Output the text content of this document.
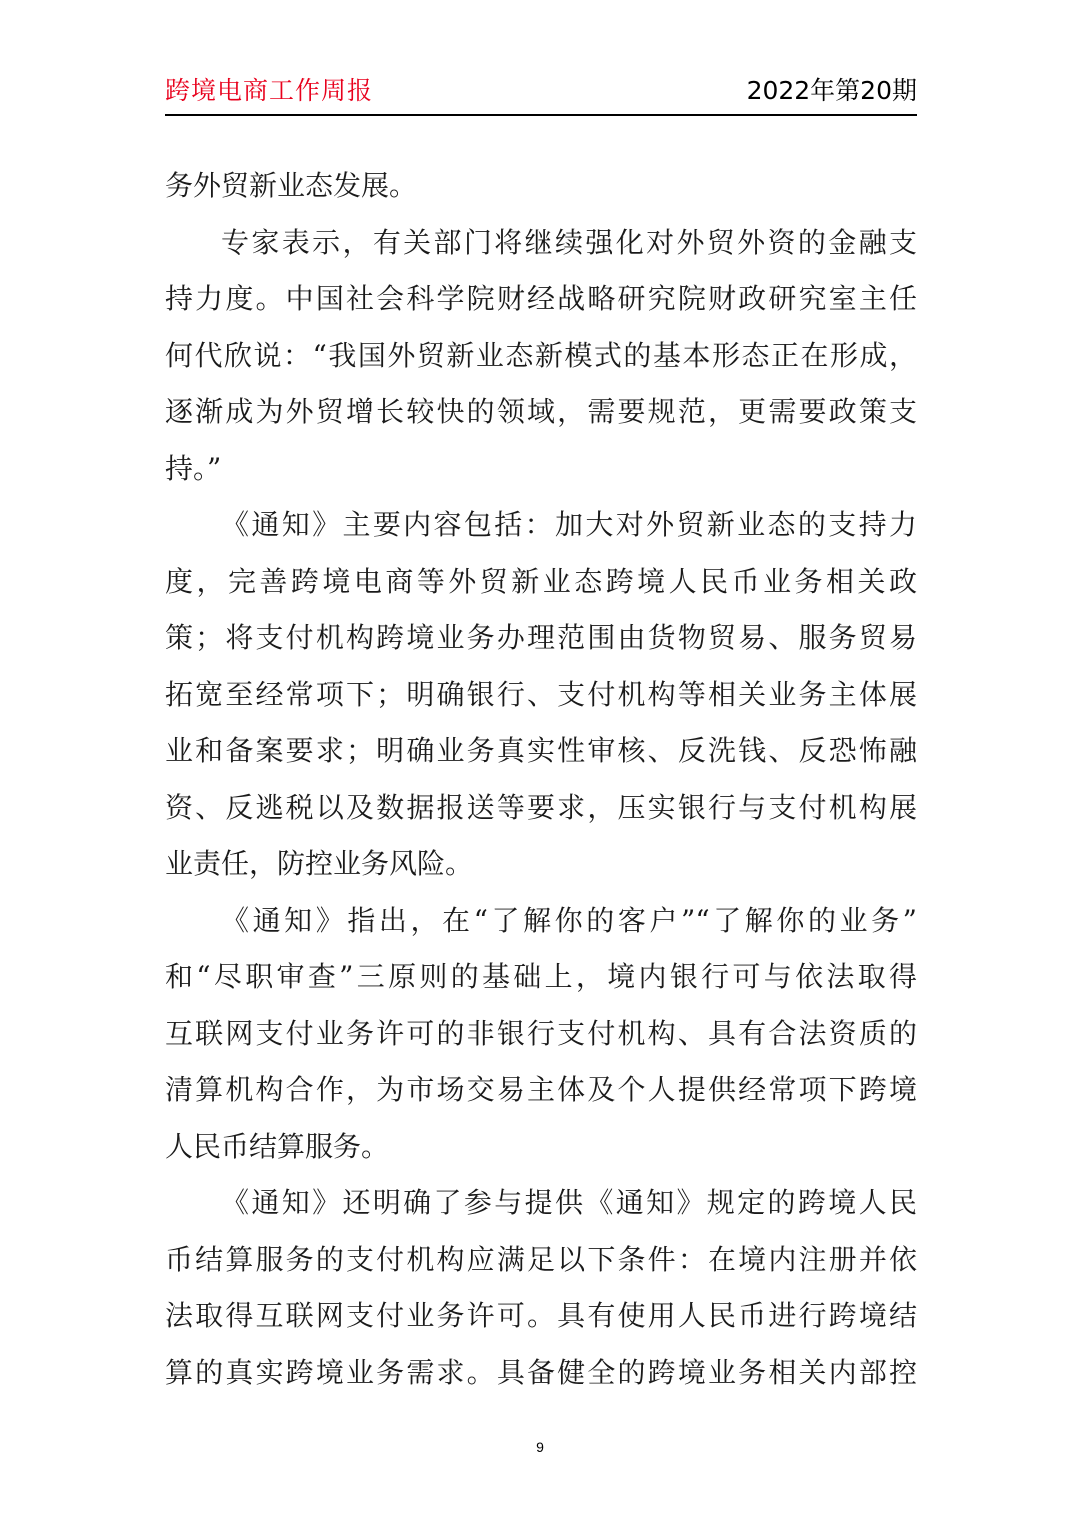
跨境电商工作周报	2022年第20期

务外贸新业态发展。

专家表示，有关部门将继续强化对外贸外资的金融支
持力度。中国社会科学院财经战略研究院财政研究室主任
何代欣说：“我国外贸新业态新模式的基本形态正在形成，
逐渐成为外贸增长较快的领域，需要规范，更需要政策支
持。”

《通知》主要内容包括：加大对外贸新业态的支持力
度，完善跨境电商等外贸新业态跨境人民币业务相关政
策；将支付机构跨境业务办理范围由货物贸易、服务贸易
拓宽至经常项下；明确银行、支付机构等相关业务主体展
业和备案要求；明确业务真实性审核、反洗钱、反恐怖融
资、反逃税以及数据报送等要求，压实银行与支付机构展
业责任，防控业务风险。

《通知》指出，在“了解你的客户”“了解你的业务”
和“尽职审查”三原则的基础上，境内银行可与依法取得
互联网支付业务许可的非银行支付机构、具有合法资质的
清算机构合作，为市场交易主体及个人提供经常项下跨境
人民币结算服务。

《通知》还明确了参与提供《通知》规定的跨境人民
币结算服务的支付机构应满足以下条件：在境内注册并依
法取得互联网支付业务许可。具有使用人民币进行跨境结
算的真实跨境业务需求。具备健全的跨境业务相关内部控

9
